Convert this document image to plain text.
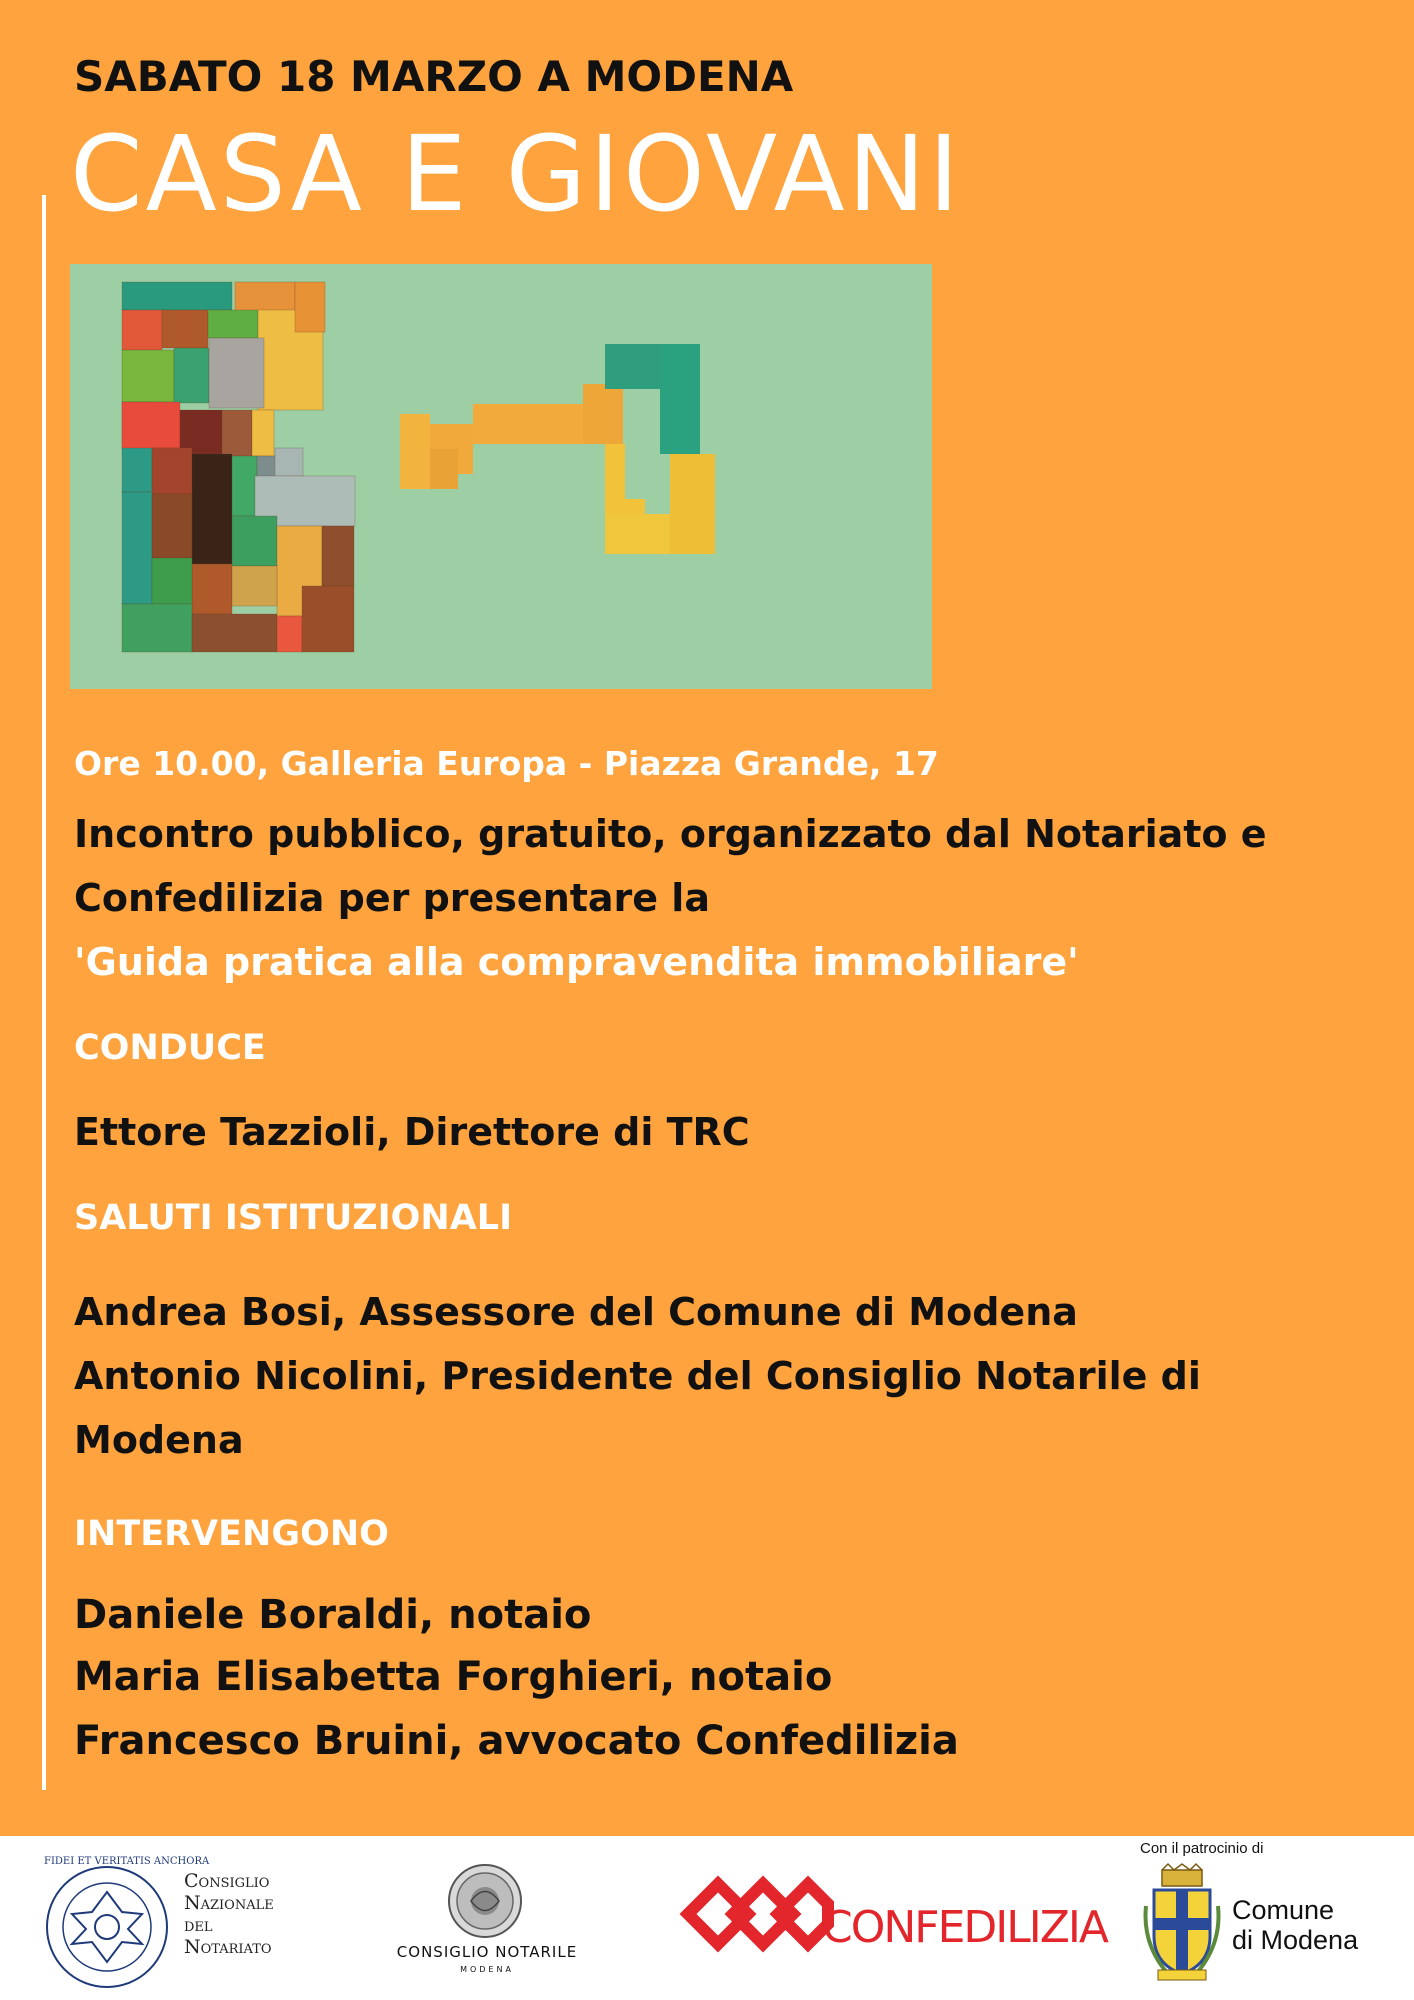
SABATO 18 MARZO A MODENA
CASA E GIOVANI
Ore 10.00, Galleria Europa - Piazza Grande, 17
Incontro pubblico, gratuito, organizzato dal Notariato e
Confedilizia per presentare la
'Guida pratica alla compravendita immobiliare'
CONDUCE
Ettore Tazzioli, Direttore di TRC
SALUTI ISTITUZIONALI
Andrea Bosi, Assessore del Comune di Modena
Antonio Nicolini, Presidente del Consiglio Notarile di
Modena
INTERVENGONO
Daniele Boraldi, notaio
Maria Elisabetta Forghieri, notaio
Francesco Bruini, avvocato Confedilizia
FIDEI ET VERITATIS ANCHORA
Consiglio
Nazionale
del
Notariato	CONSIGLIO NOTARILE
MODENA
CONFEDILIZIA
Con il patrocinio di
Comune
di Modena
